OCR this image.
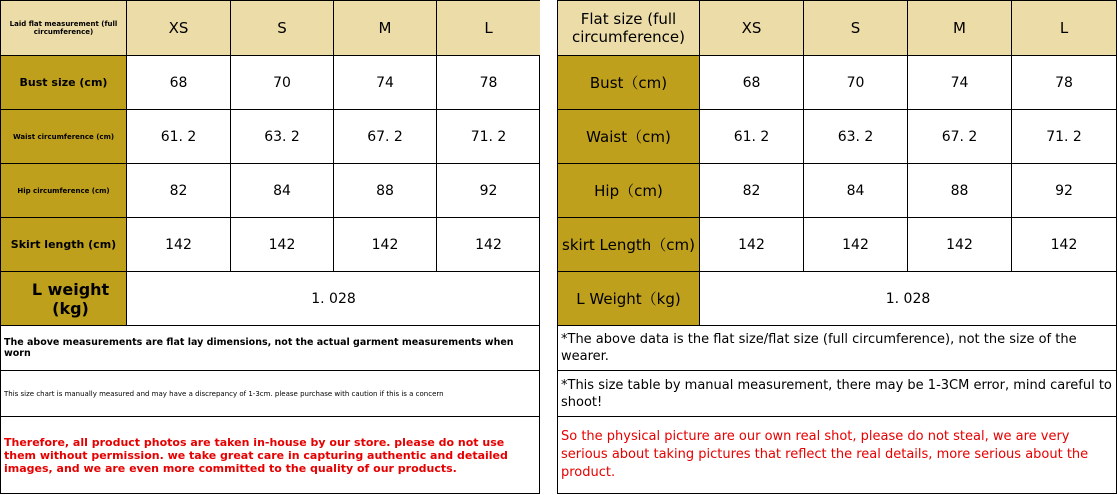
Laid flat measurement (full circumference)	XS	S	M	L
Bust size (cm)	68	70	74	78
Waist circumference (cm)	61. 2	63. 2	67. 2	71. 2
Hip circumference (cm)	82	84	88	92
Skirt length (cm)	142	142	142	142
L weight (kg)	1. 028
The above measurements are flat lay dimensions, not the actual garment measurements when worn
This size chart is manually measured and may have a discrepancy of 1-3cm. please purchase with caution if this is a concern
Therefore, all product photos are taken in-house by our store. please do not use them without permission. we take great care in capturing authentic and detailed images, and we are even more committed to the quality of our products.
Flat size (full circumference)	XS	S	M	L
Bust（cm)	68	70	74	78
Waist（cm)	61. 2	63. 2	67. 2	71. 2
Hip（cm)	82	84	88	92
skirt Length（cm)	142	142	142	142
L Weight（kg)	1. 028
*The above data is the flat size/flat size (full circumference), not the size of the wearer.
*This size table by manual measurement, there may be 1-3CM error, mind careful to shoot!
So the physical picture are our own real shot, please do not steal, we are very serious about taking pictures that reflect the real details, more serious about the product.
